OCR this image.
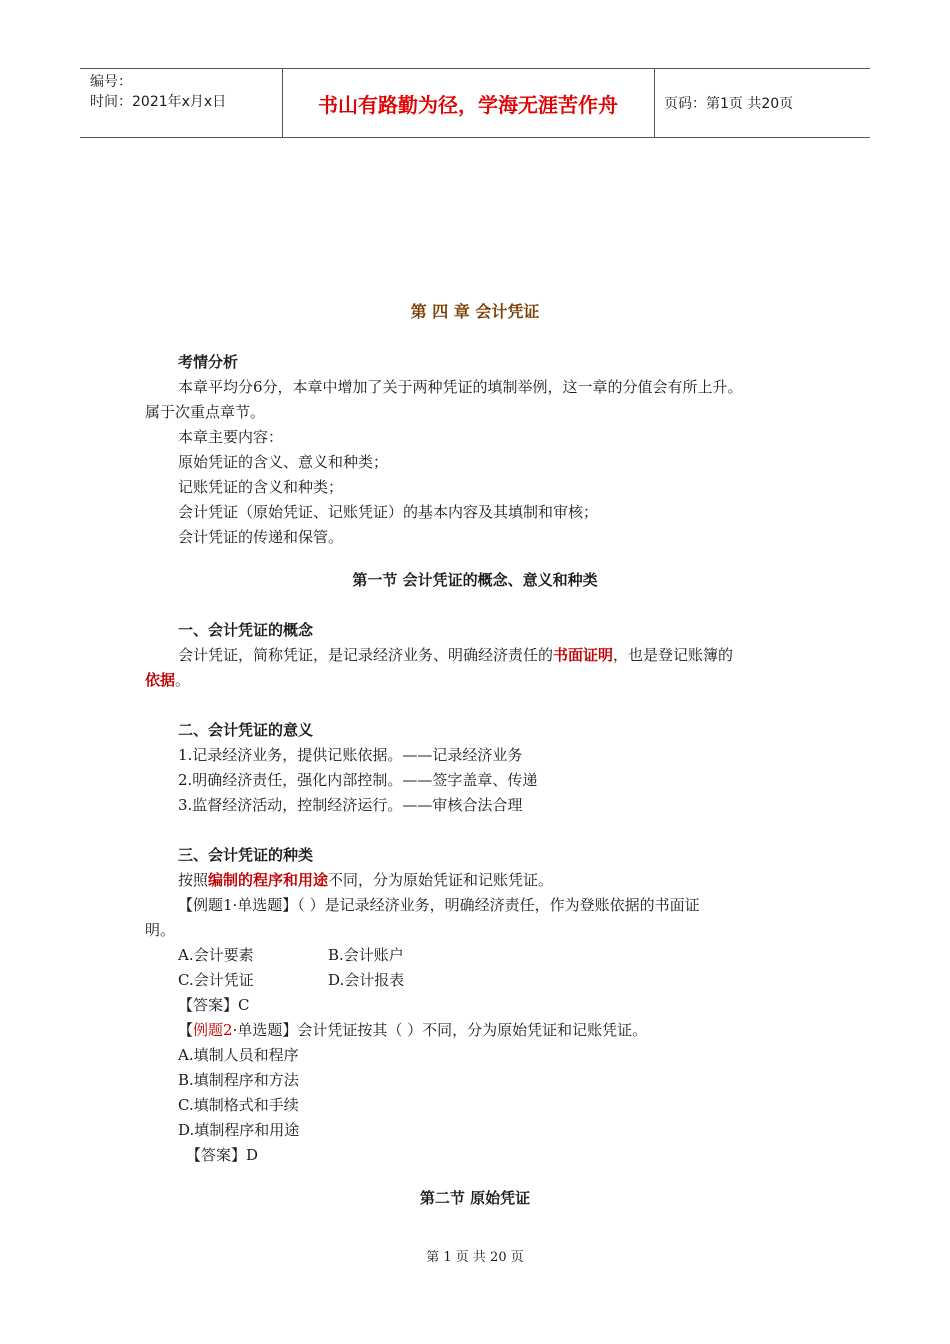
编号：
时间：2021年x月x日	书山有路勤为径，学海无涯苦作舟	页码：第1页 共20页
第 四 章 会计凭证
考情分析
本章平均分6分，本章中增加了关于两种凭证的填制举例，这一章的分值会有所上升。
属于次重点章节。
本章主要内容：
原始凭证的含义、意义和种类；
记账凭证的含义和种类；
会计凭证（原始凭证、记账凭证）的基本内容及其填制和审核；
会计凭证的传递和保管。
第一节 会计凭证的概念、意义和种类
一、会计凭证的概念
会计凭证，简称凭证，是记录经济业务、明确经济责任的书面证明，也是登记账簿的
依据。
二、会计凭证的意义
1.记录经济业务，提供记账依据。——记录经济业务
2.明确经济责任，强化内部控制。——签字盖章、传递
3.监督经济活动，控制经济运行。——审核合法合理
三、会计凭证的种类
按照编制的程序和用途不同，分为原始凭证和记账凭证。
【例题1·单选题】（ ）是记录经济业务，明确经济责任，作为登账依据的书面证
明。
A.会计要素	B.会计账户
C.会计凭证	D.会计报表
【答案】C
【例题2·单选题】会计凭证按其（ ）不同，分为原始凭证和记账凭证。
A.填制人员和程序
B.填制程序和方法
C.填制格式和手续
D.填制程序和用途
【答案】D
第二节 原始凭证
第 1 页 共 20 页
